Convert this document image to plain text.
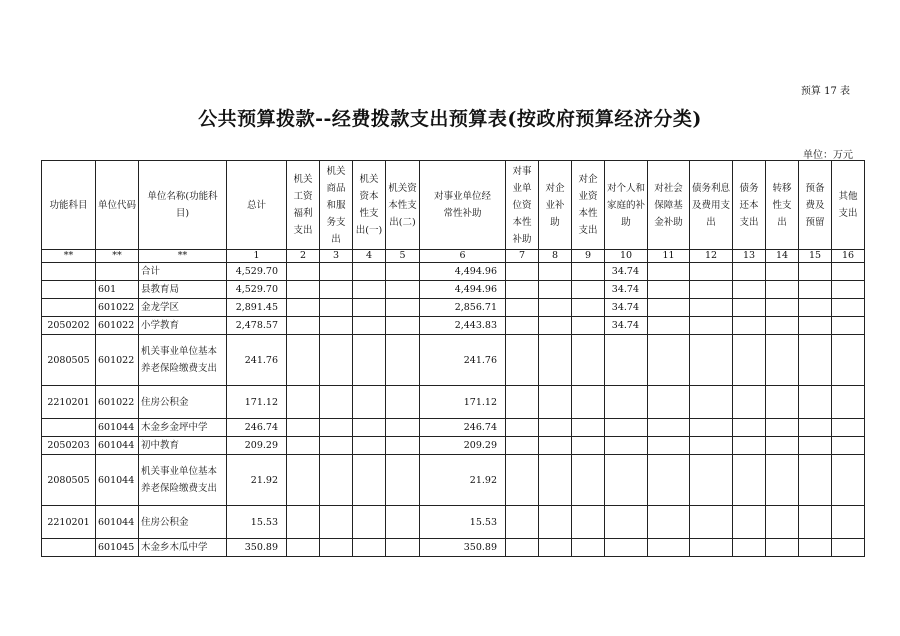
预算 17 表
公共预算拨款--经费拨款支出预算表(按政府预算经济分类)
单位：万元
功能科目	单位代码	单位名称(功能科目)	总计	机关工资福利支出	机关商品和服务支出	机关资本性支出(一)	机关资本性支出(二)	对事业单位经常性补助	对事业单位资本性补助	对企业补助	对企业资本性支出	对个人和家庭的补助	对社会保障基金补助	债务利息及费用支出	债务还本支出	转移性支出	预备费及预留	其他支出

**	**	**	1	2	3	4	5	6	7	8	9	10	11	12	13	14	15	16
		合计	4,529.70					4,494.96				34.74						
	601	县教育局	4,529.70					4,494.96				34.74						
	601022	金龙学区	2,891.45					2,856.71				34.74						
2050202	601022	小学教育	2,478.57					2,443.83				34.74						
2080505	601022	机关事业单位基本养老保险缴费支出	241.76					241.76										
2210201	601022	住房公积金	171.12					171.12										
	601044	木金乡金坪中学	246.74					246.74										
2050203	601044	初中教育	209.29					209.29										
2080505	601044	机关事业单位基本养老保险缴费支出	21.92					21.92										
2210201	601044	住房公积金	15.53					15.53										
	601045	木金乡木瓜中学	350.89					350.89										
